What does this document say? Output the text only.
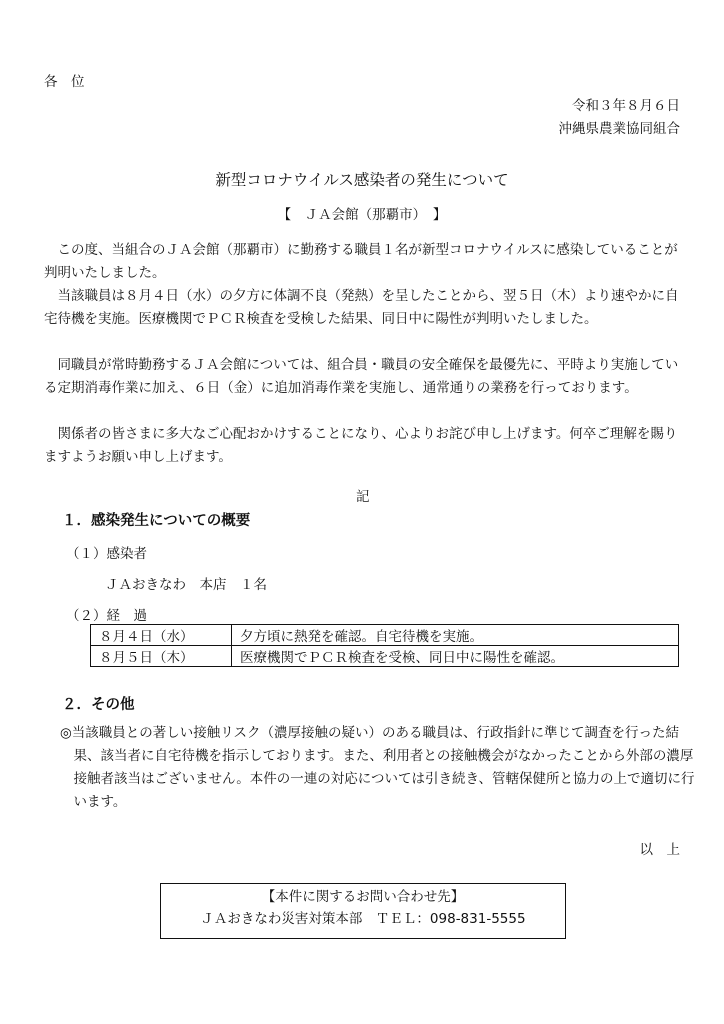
各　位
令和３年８月６日
沖縄県農業協同組合
新型コロナウイルス感染者の発生について
【　ＪＡ会館（那覇市）　】
この度、当組合のＪＡ会館（那覇市）に勤務する職員１名が新型コロナウイルスに感染していることが判明いたしました。
当該職員は８月４日（水）の夕方に体調不良（発熱）を呈したことから、翌５日（木）より速やかに自宅待機を実施。医療機関でＰＣＲ検査を受検した結果、同日中に陽性が判明いたしました。
同職員が常時勤務するＪＡ会館については、組合員・職員の安全確保を最優先に、平時より実施している定期消毒作業に加え、６日（金）に追加消毒作業を実施し、通常通りの業務を行っております。
関係者の皆さまに多大なご心配おかけすることになり、心よりお詫び申し上げます。何卒ご理解を賜りますようお願い申し上げます。
記
１．感染発生についての概要
（１）感染者
ＪＡおきなわ　本店　１名
（２）経　過
８月４日（水）	夕方頃に熱発を確認。自宅待機を実施。
８月５日（木）	医療機関でＰＣＲ検査を受検、同日中に陽性を確認。
２．その他
◎当該職員との著しい接触リスク（濃厚接触の疑い）のある職員は、行政指針に準じて調査を行った結果、該当者に自宅待機を指示しております。また、利用者との接触機会がなかったことから外部の濃厚接触者該当はございません。本件の一連の対応については引き続き、管轄保健所と協力の上で適切に行います。
以　上
【本件に関するお問い合わせ先】
ＪＡおきなわ災害対策本部　ＴＥＬ：098-831-5555
